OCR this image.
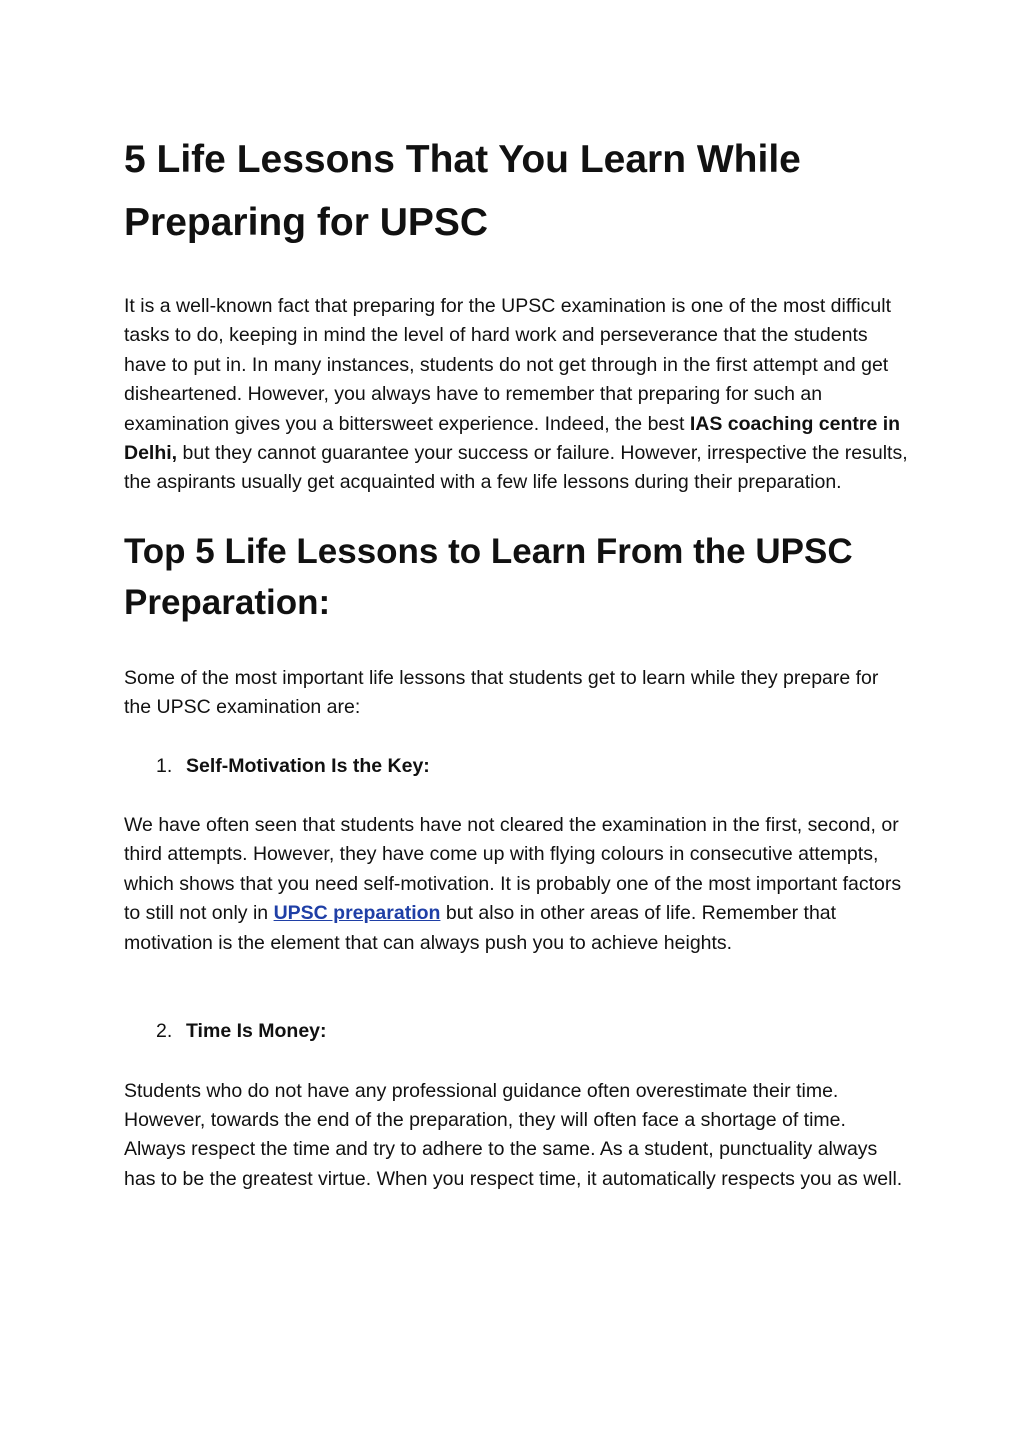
5 Life Lessons That You Learn While Preparing for UPSC

It is a well-known fact that preparing for the UPSC examination is one of the most difficult tasks to do, keeping in mind the level of hard work and perseverance that the students have to put in. In many instances, students do not get through in the first attempt and get disheartened. However, you always have to remember that preparing for such an examination gives you a bittersweet experience. Indeed, the best IAS coaching centre in Delhi, but they cannot guarantee your success or failure. However, irrespective the results, the aspirants usually get acquainted with a few life lessons during their preparation.

Top 5 Life Lessons to Learn From the UPSC Preparation:

Some of the most important life lessons that students get to learn while they prepare for the UPSC examination are:

1. Self-Motivation Is the Key:

We have often seen that students have not cleared the examination in the first, second, or third attempts. However, they have come up with flying colours in consecutive attempts, which shows that you need self-motivation. It is probably one of the most important factors to still not only in UPSC preparation but also in other areas of life. Remember that motivation is the element that can always push you to achieve heights.

2. Time Is Money:

Students who do not have any professional guidance often overestimate their time. However, towards the end of the preparation, they will often face a shortage of time. Always respect the time and try to adhere to the same. As a student, punctuality always has to be the greatest virtue. When you respect time, it automatically respects you as well.
